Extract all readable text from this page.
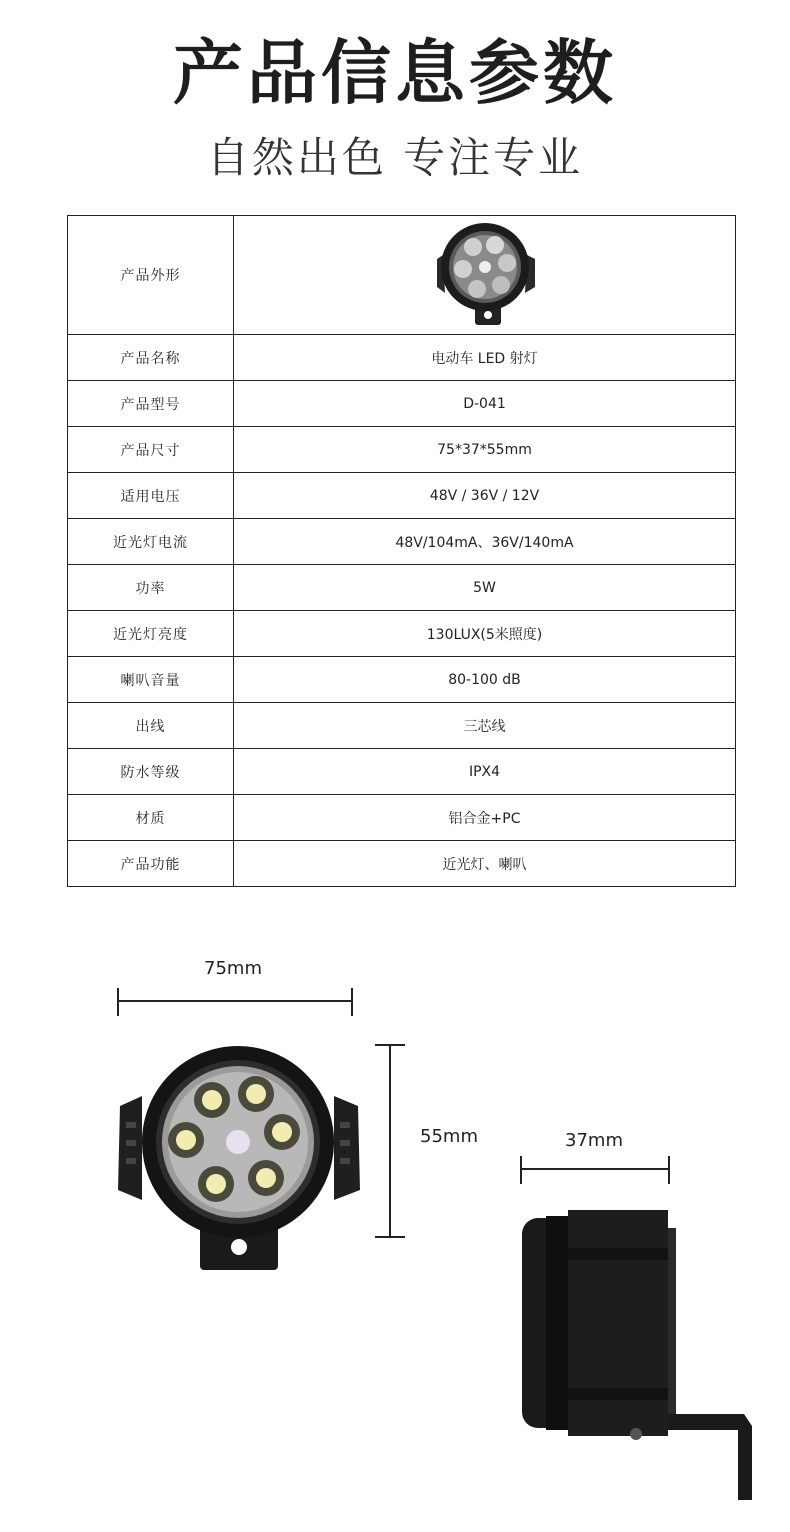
产品信息参数
自然出色 专注专业
产品外形	
产品名称	电动车 LED 射灯
产品型号	D-041
产品尺寸	75*37*55mm
适用电压	48V / 36V / 12V
近光灯电流	48V/104mA、36V/140mA
功率	5W
近光灯亮度	130LUX(5米照度)
喇叭音量	80-100 dB
出线	三芯线
防水等级	IPX4
材质	铝合金+PC
产品功能	近光灯、喇叭
75mm
55mm	37mm
